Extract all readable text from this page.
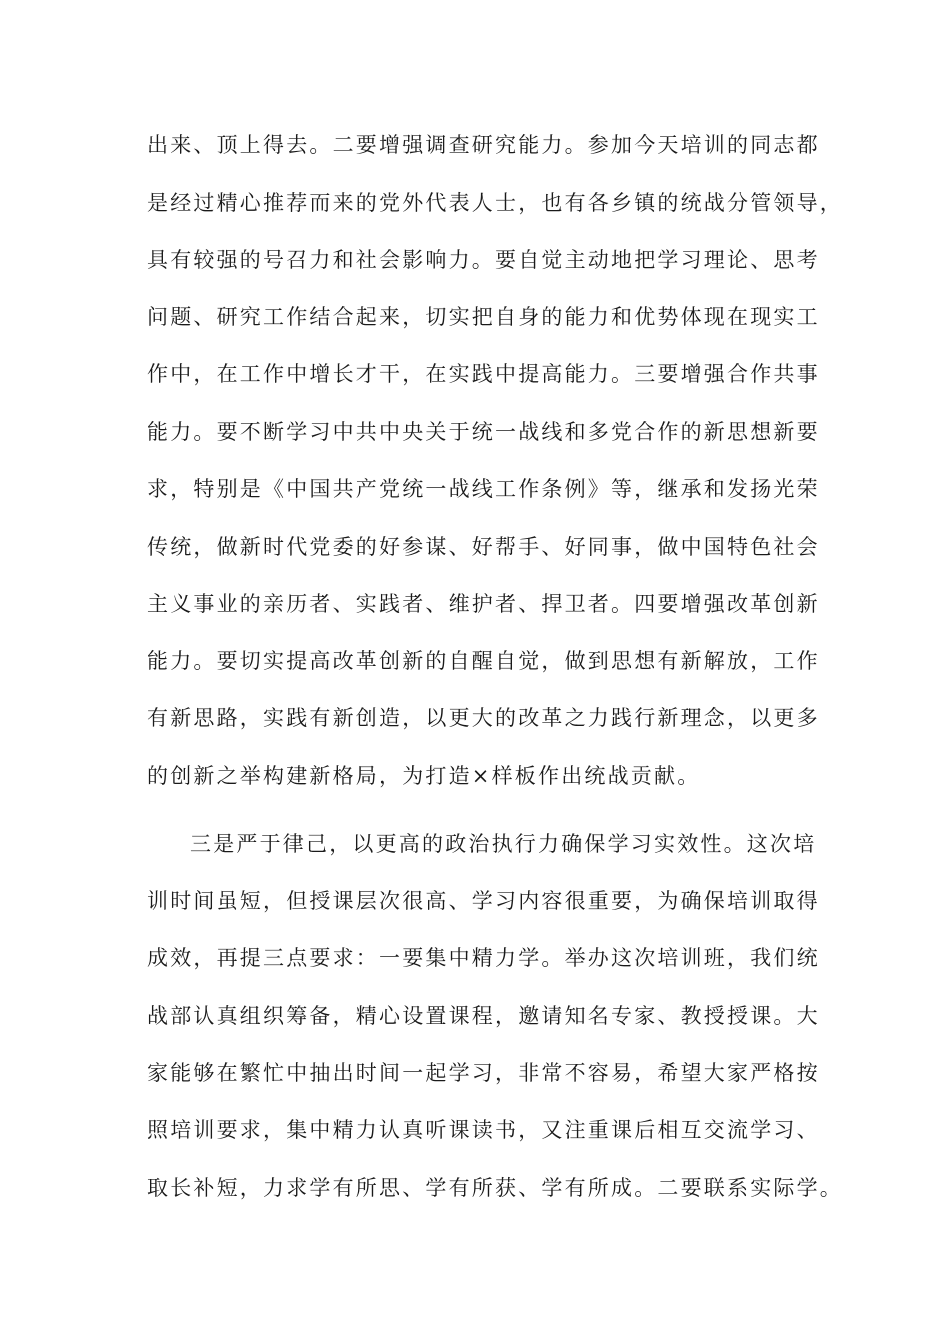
出来、顶上得去。二要增强调查研究能力。参加今天培训的同志都
是经过精心推荐而来的党外代表人士，也有各乡镇的统战分管领导，
具有较强的号召力和社会影响力。要自觉主动地把学习理论、思考
问题、研究工作结合起来，切实把自身的能力和优势体现在现实工
作中，在工作中增长才干，在实践中提高能力。三要增强合作共事
能力。要不断学习中共中央关于统一战线和多党合作的新思想新要
求，特别是《中国共产党统一战线工作条例》等，继承和发扬光荣
传统，做新时代党委的好参谋、好帮手、好同事，做中国特色社会
主义事业的亲历者、实践者、维护者、捍卫者。四要增强改革创新
能力。要切实提高改革创新的自醒自觉，做到思想有新解放，工作
有新思路，实践有新创造，以更大的改革之力践行新理念，以更多
的创新之举构建新格局，为打造×样板作出统战贡献。
三是严于律己，以更高的政治执行力确保学习实效性。这次培
训时间虽短，但授课层次很高、学习内容很重要，为确保培训取得
成效，再提三点要求：一要集中精力学。举办这次培训班，我们统
战部认真组织筹备，精心设置课程，邀请知名专家、教授授课。大
家能够在繁忙中抽出时间一起学习，非常不容易，希望大家严格按
照培训要求，集中精力认真听课读书，又注重课后相互交流学习、
取长补短，力求学有所思、学有所获、学有所成。二要联系实际学。
